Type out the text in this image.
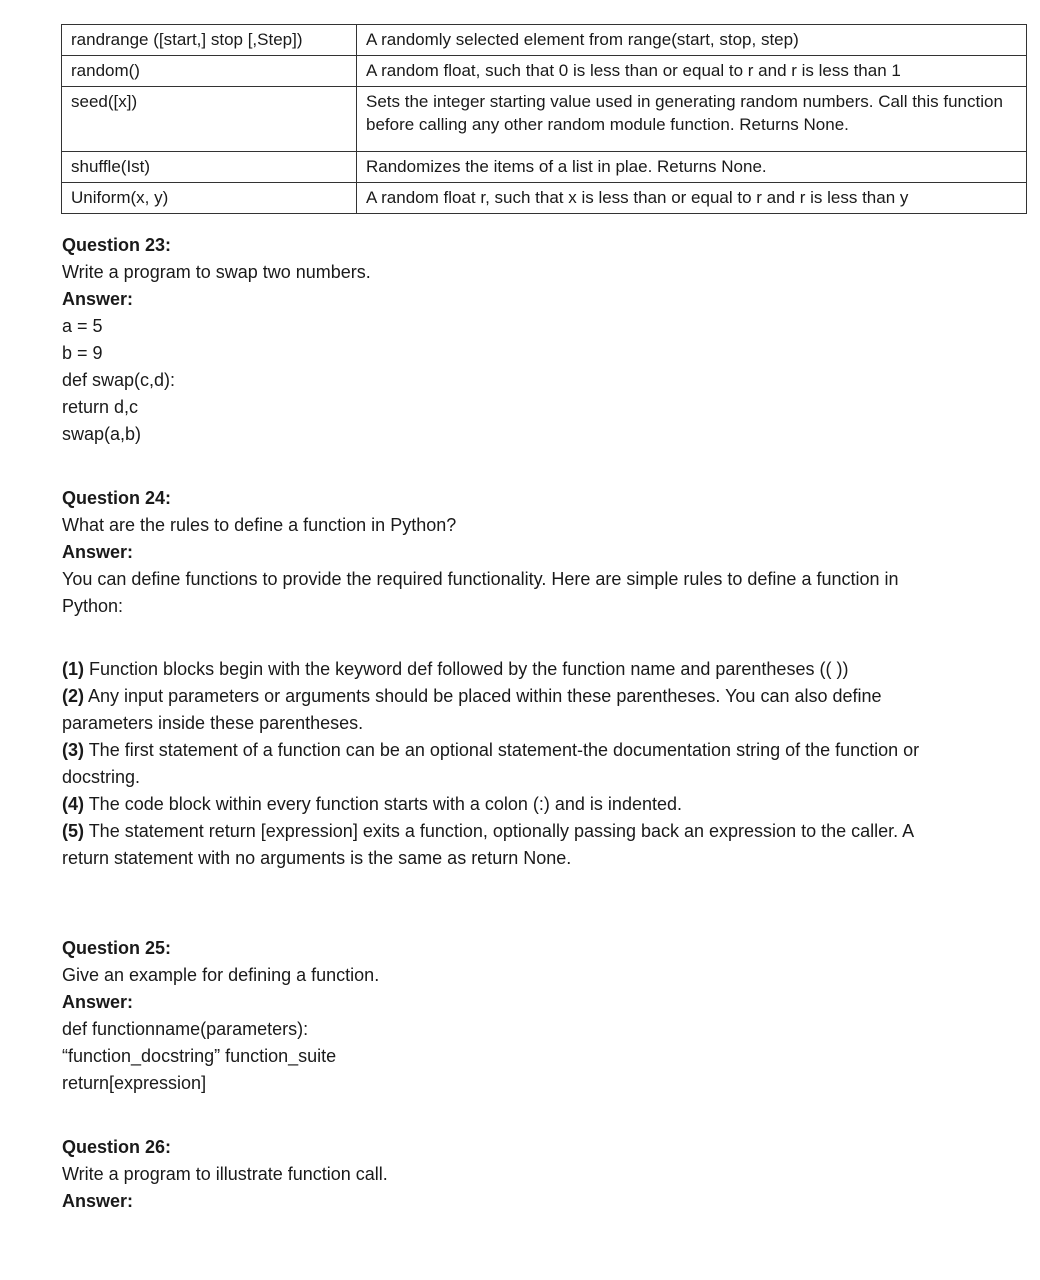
randrange ([start,] stop [,Step])	A randomly selected element from range(start, stop, step)
random()	A random float, such that 0 is less than or equal to r and r is less than 1
seed([x])	Sets the integer starting value used in generating random numbers. Call this function before calling any other random module function. Returns None.
shuffle(Ist)	Randomizes the items of a list in plae. Returns None.
Uniform(x, y)	A random float r, such that x is less than or equal to r and r is less than y

Question 23:

Write a program to swap two numbers.

Answer:

a = 5

b = 9

def swap(c,d):

return d,c

swap(a,b)

Question 24:

What are the rules to define a function in Python?

Answer:

You can define functions to provide the required functionality. Here are simple rules to define a function in Python:

(1) Function blocks begin with the keyword def followed by the function name and parentheses (( ))

(2) Any input parameters or arguments should be placed within these parentheses. You can also define parameters inside these parentheses.

(3) The first statement of a function can be an optional statement-the documentation string of the function or docstring.

(4) The code block within every function starts with a colon (:) and is indented.

(5) The statement return [expression] exits a function, optionally passing back an expression to the caller. A return statement with no arguments is the same as return None.

Question 25:

Give an example for defining a function.

Answer:

def functionname(parameters):

“function_docstring” function_suite

return[expression]

Question 26:

Write a program to illustrate function call.

Answer:
